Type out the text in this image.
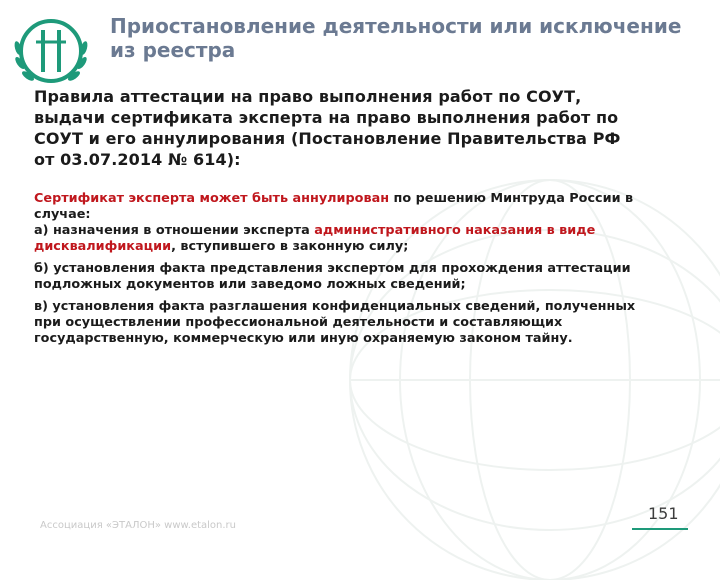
Приостановление деятельности или исключение
из реестра
Правила аттестации на право выполнения работ по СОУТ,
выдачи сертификата эксперта на право выполнения работ по
СОУТ и его аннулирования (Постановление Правительства РФ
от 03.07.2014 № 614):
Сертификат эксперта может быть аннулирован по решению Минтруда России в
случае:
а) назначения в отношении эксперта административного наказания в виде
дисквалификации, вступившего в законную силу;
б) установления факта представления экспертом для прохождения аттестации
подложных документов или заведомо ложных сведений;
в) установления факта разглашения конфиденциальных сведений, полученных
при осуществлении профессиональной деятельности и составляющих
государственную, коммерческую или иную охраняемую законом тайну.
Ассоциация «ЭТАЛОН» www.etalon.ru
151
